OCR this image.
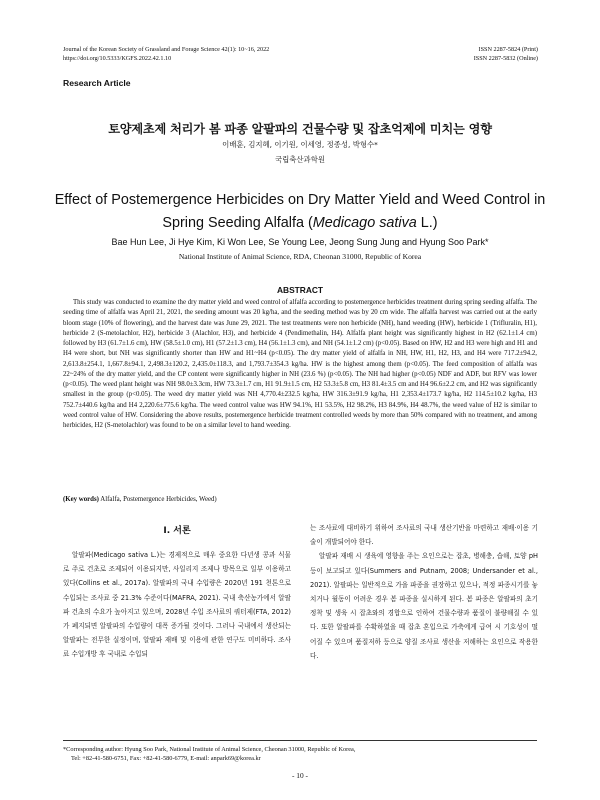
Journal of the Korean Society of Grassland and Forage Science 42(1): 10~16, 2022
https://doi.org/10.5333/KGFS.2022.42.1.10
ISSN 2287-5824 (Print)
ISSN 2287-5832 (Online)
Research Article
토양제초제 처리가 봄 파종 알팔파의 건물수량 및 잡초억제에 미치는 영향
이배훈, 김지혜, 이기원, 이세영, 정종성, 박형수*
국립축산과학원
Effect of Postemergence Herbicides on Dry Matter Yield and Weed Control in
Spring Seeding Alfalfa (Medicago sativa L.)
Bae Hun Lee, Ji Hye Kim, Ki Won Lee, Se Young Lee, Jeong Sung Jung and Hyung Soo Park*
National Institute of Animal Science, RDA, Cheonan 31000, Republic of Korea
ABSTRACT

This study was conducted to examine the dry matter yield and weed control of alfalfa according to postemergence herbicides treatment during spring seeding alfalfa. The seeding time of alfalfa was April 21, 2021, the seeding amount was 20 kg/ha, and the seeding method was by 20 cm wide. The alfalfa harvest was carried out at the early bloom stage (10% of flowering), and the harvest date was June 29, 2021. The test treatments were non herbicide (NH), hand weeding (HW), herbicide 1 (Trifluralin, H1), herbicide 2 (S-metolachlor, H2), herbicide 3 (Alachlor, H3), and herbicide 4 (Pendimethalin, H4). Alfalfa plant height was significantly highest in H2 (62.1±1.4 cm) followed by H3 (61.7±1.6 cm), HW (58.5±1.0 cm), H1 (57.2±1.3 cm), H4 (56.1±1.3 cm), and NH (54.1±1.2 cm) (p<0.05). Based on HW, H2 and H3 were high and H1 and H4 were short, but NH was significantly shorter than HW and H1~H4 (p<0.05). The dry matter yield of alfalfa in NH, HW, H1, H2, H3, and H4 were 717.2±94.2, 2,613.8±254.1, 1,667.8±94.1, 2,498.3±120.2, 2,435.0±118.3, and 1,793.7±354.3 kg/ha. HW is the highest among them (p<0.05). The feed composition of alfalfa was 22~24% of the dry matter yield, and the CP content were significantly higher in NH (23.6 %) (p<0.05). The NH had higher (p<0.05) NDF and ADF, but RFV was lower (p<0.05). The weed plant height was NH 98.0±3.3cm, HW 73.3±1.7 cm, H1 91.9±1.5 cm, H2 53.3±5.8 cm, H3 81.4±3.5 cm and H4 96.6±2.2 cm, and H2 was significantly smallest in the group (p<0.05). The weed dry matter yield was NH 4,770.4±232.5 kg/ha, HW 316.3±91.9 kg/ha, H1 2,353.4±173.7 kg/ha, H2 114.5±10.2 kg/ha, H3 752.7±440.6 kg/ha and H4 2,220.6±775.6 kg/ha. The weed control value was HW 94.1%, H1 53.5%, H2 98.2%, H3 84.9%, H4 48.7%, the weed value of H2 is similar to weed control value of HW. Considering the above results, postemergence herbicide treatment controlled weeds by more than 50% compared with no treatment, and among herbicides, H2 (S-metolachlor) was found to be on a similar level to hand weeding.

(Key words) Alfalfa, Postemergence Herbicides, Weed)
Ⅰ. 서론

알팔파(Medicago sativa L.)는 경제적으로 매우 중요한 다년생 콩과 식물로 주로 건초로 조제되어 이용되지만, 사일리지 조제나 방목으로 일부 이용하고 있다(Collins et al., 2017a). 알팔파의 국내 수입량은 2020년 191 천톤으로 수입되는 조사료 중 21.3% 수준이다(MAFRA, 2021). 국내 축산농가에서 알팔파 건초의 수요가 높아지고 있으며, 2028년 수입 조사료의 쿼터제(FTA, 2012)가 폐지되면 알팔파의 수입량이 대폭 증가될 것이다. 그러나 국내에서 생산되는 알팔파는 전무한 실정이며, 알팔파 재배 및 이용에 관한 연구도 미비하다. 조사료 수입개방 후 국내로 수입되

는 조사료에 대비하기 위하여 조사료의 국내 생산기반을 마련하고 재배·이용 기술이 개발되어야 한다.

알팔파 재배 시 생육에 영향을 주는 요인으로는 잡초, 병해충, 습해, 토양 pH 등이 보고되고 있다(Summers and Putnam, 2008; Undersander et al., 2021). 알팔파는 일반적으로 가을 파종을 권장하고 있으나, 적정 파종시기를 놓치거나 월동이 어려운 경우 봄 파종을 실시하게 된다. 봄 파종은 알팔파의 초기 정착 및 생육 시 잡초와의 경합으로 인하여 건물수량과 품질이 불량해질 수 있다. 또한 알팔파를 수확하였을 때 잡초 혼입으로 가축에게 급여 시 기호성이 떨어질 수 있으며 품질저하 등으로 양질 조사료 생산을 저해하는 요인으로 작용한다.

*Corresponding author: Hyung Soo Park, National Institute of Animal Science, Cheonan 31000, Republic of Korea,
Tel: +82-41-580-6751, Fax: +82-41-580-6779, E-mail: anpark69@korea.kr
- 10 -
